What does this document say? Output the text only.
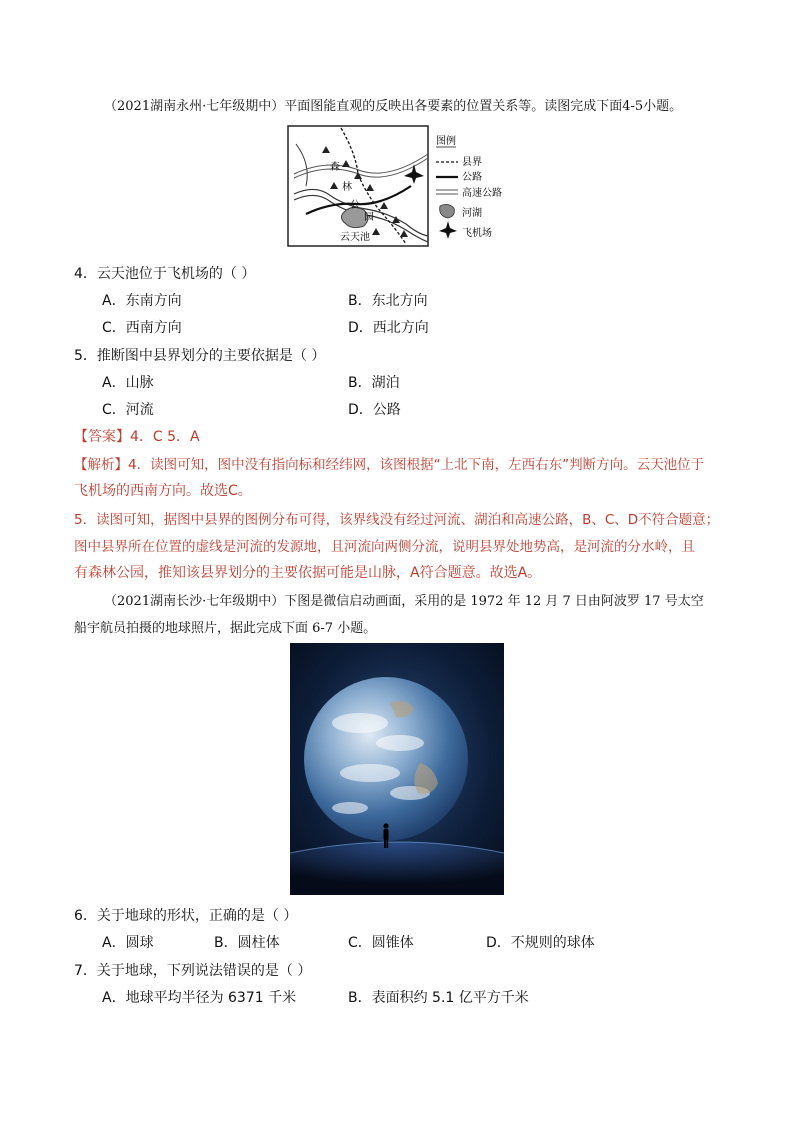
（2021湖南永州·七年级期中）平面图能直观的反映出各要素的位置关系等。读图完成下面4-5小题。
森
林
公
园
云天池
图例
县界
公路
高速公路
河湖
飞机场
4．云天池位于飞机场的（ ）
A．东南方向	B．东北方向
C．西南方向	D．西北方向
5．推断图中县界划分的主要依据是（ ）
A．山脉	B．湖泊
C．河流	D．公路
【答案】4．C 5．A
【解析】4．读图可知，图中没有指向标和经纬网，该图根据“上北下南，左西右东”判断方向。云天池位于
飞机场的西南方向。故选C。
5．读图可知，据图中县界的图例分布可得，该界线没有经过河流、湖泊和高速公路，B、C、D不符合题意；
图中县界所在位置的虚线是河流的发源地，且河流向两侧分流，说明县界处地势高，是河流的分水岭，且
有森林公园，推知该县界划分的主要依据可能是山脉，A符合题意。故选A。
（2021湖南长沙·七年级期中）下图是微信启动画面，采用的是 1972 年 12 月 7 日由阿波罗 17 号太空
船宇航员拍摄的地球照片，据此完成下面 6-7 小题。
6．关于地球的形状，正确的是（ ）
A．圆球	B．圆柱体	C．圆锥体	D．不规则的球体
7．关于地球，下列说法错误的是（ ）
A．地球平均半径为 6371 千米	B．表面积约 5.1 亿平方千米
